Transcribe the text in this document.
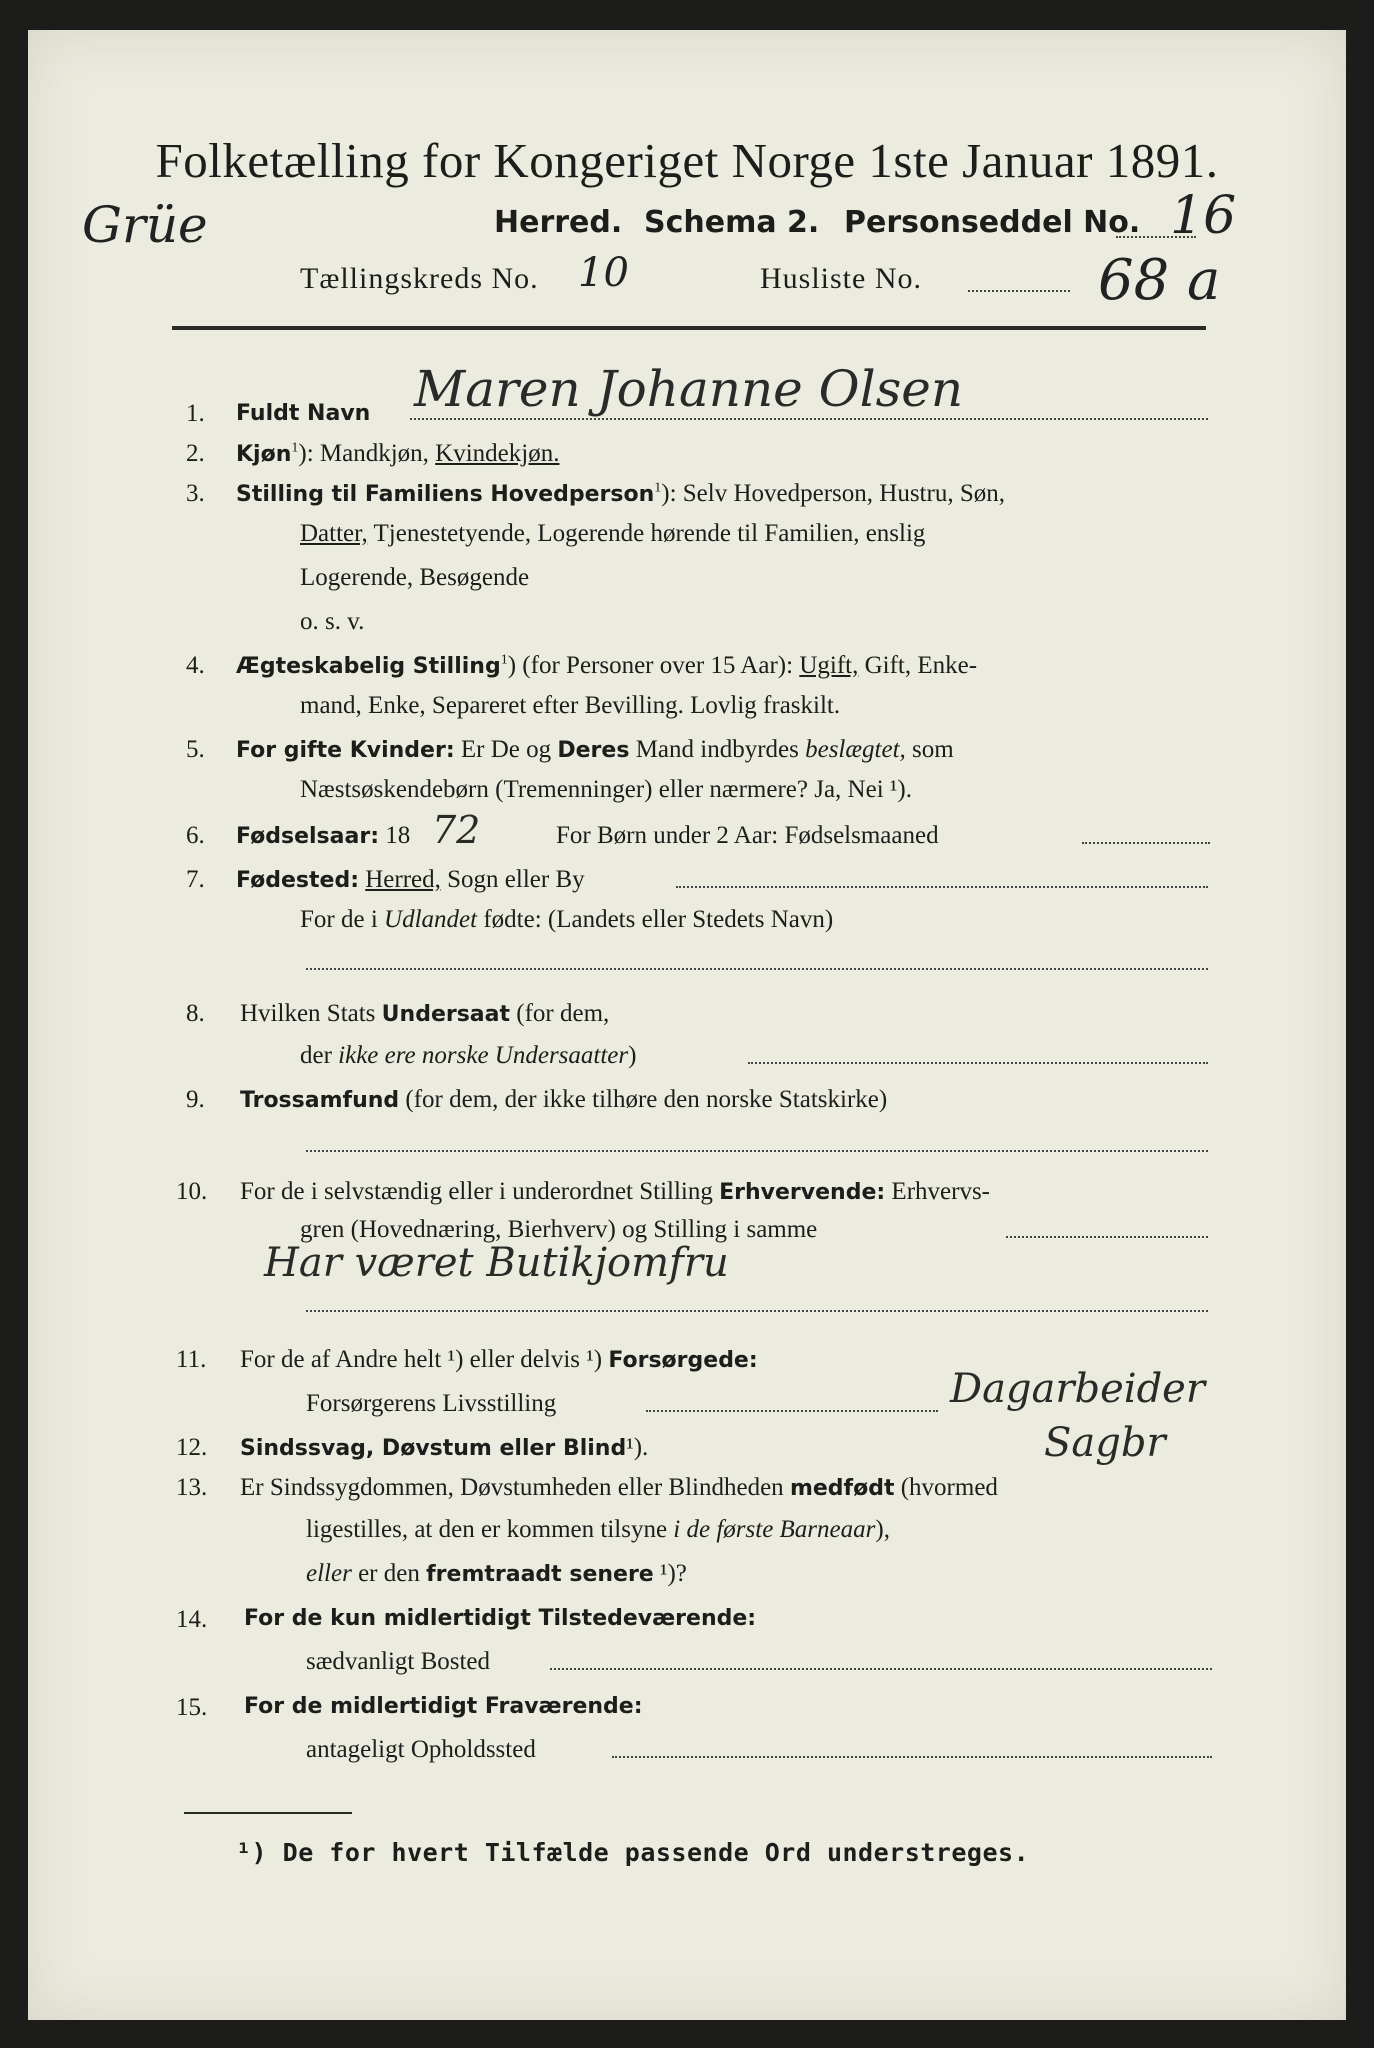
Folketælling for Kongeriget Norge 1ste Januar 1891.
Grüe	Herred. Schema 2. Personseddel No. 16
Tællingskreds No. 10	Husliste No.	68 a
1. Fuldt Navn Maren Johanne Olsen
2. Kjøn$^1$): Mandkjøn, Kvindekjøn.
3. Stilling til Familiens Hovedperson$^1$): Selv Hovedperson, Hustru, Søn,
Datter, Tjenestetyende, Logerende hørende til Familien, enslig
Logerende, Besøgende
o. s. v.
4. Ægteskabelig Stilling$^1$) (for Personer over 15 Aar): Ugift, Gift, Enke-
mand, Enke, Separeret efter Bevilling. Lovlig fraskilt.
5. For gifte Kvinder: Er De og Deres Mand indbyrdes beslægtet, som
Næstsøskendebørn (Tremenninger) eller nærmere? Ja, Nei ¹).
6. Fødselsaar: 18 72	For Børn under 2 Aar: Fødselsmaaned
7. Fødested: Herred, Sogn eller By
For de i Udlandet fødte: (Landets eller Stedets Navn)
8. Hvilken Stats Undersaat (for dem,
der ikke ere norske Undersaatter)
9. Trossamfund (for dem, der ikke tilhøre den norske Statskirke)
10. For de i selvstændig eller i underordnet Stilling Erhvervende: Erhvervs-
gren (Hovednæring, Bierhverv) og Stilling i samme
Har været Butikjomfru
11. For de af Andre helt ¹) eller delvis ¹) Forsørgede:
Forsørgerens Livsstilling	Dagarbeider
Sagbr
12. Sindssvag, Døvstum eller Blind¹).
13. Er Sindssygdommen, Døvstumheden eller Blindheden medfødt (hvormed
ligestilles, at den er kommen tilsyne i de første Barneaar),
eller er den fremtraadt senere ¹)?
14. For de kun midlertidigt Tilstedeværende:
sædvanligt Bosted
15. For de midlertidigt Fraværende:
antageligt Opholdssted
¹) De for hvert Tilfælde passende Ord understreges.
